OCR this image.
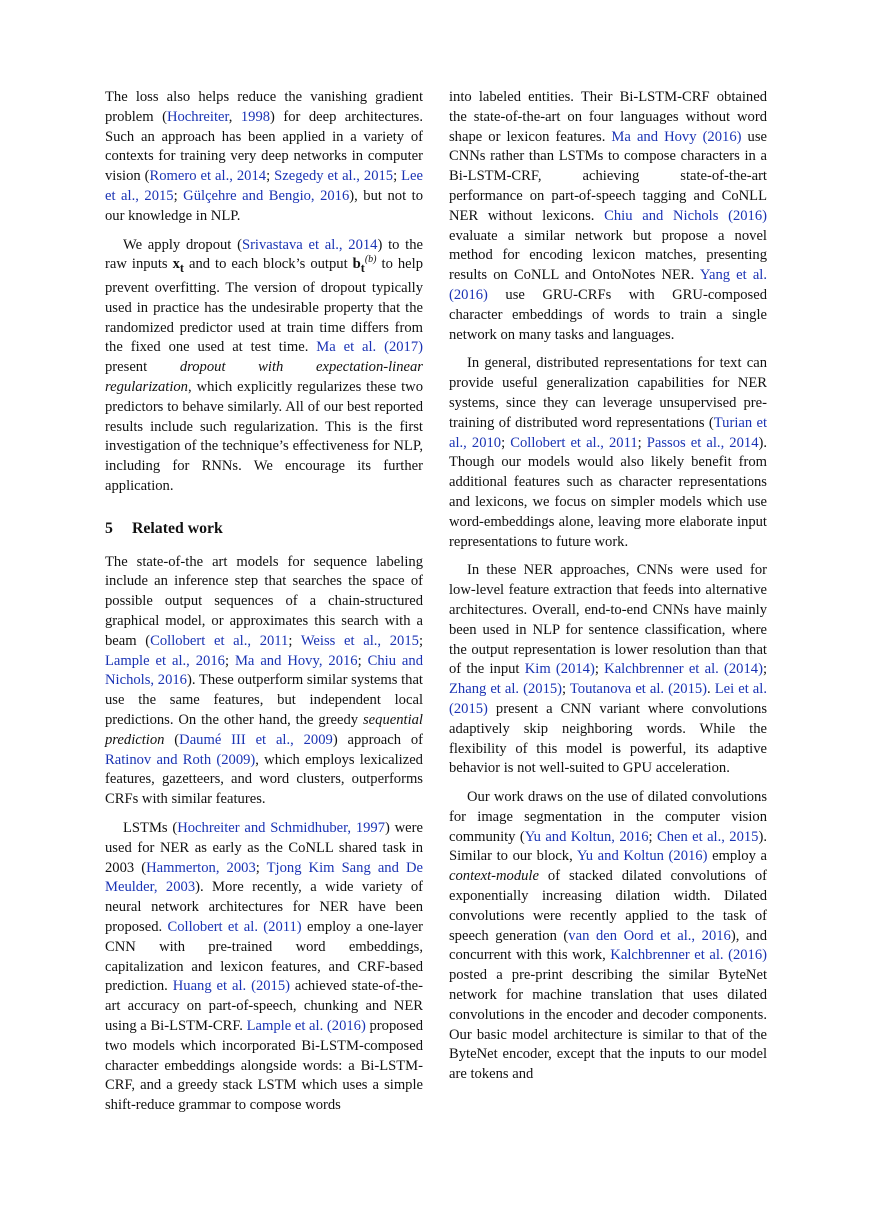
The loss also helps reduce the vanishing gradient problem (Hochreiter, 1998) for deep architectures. Such an approach has been applied in a variety of contexts for training very deep networks in computer vision (Romero et al., 2014; Szegedy et al., 2015; Lee et al., 2015; Gülçehre and Bengio, 2016), but not to our knowledge in NLP.

We apply dropout (Srivastava et al., 2014) to the raw inputs $x_t$ and to each block’s output $b_t^{(b)}$ to help prevent overfitting. The version of dropout typically used in practice has the undesirable property that the randomized predictor used at train time differs from the fixed one used at test time. Ma et al. (2017) present dropout with expectation-linear regularization, which explicitly regularizes these two predictors to behave similarly. All of our best reported results include such regularization. This is the first investigation of the technique’s effectiveness for NLP, including for RNNs. We encourage its further application.

5 Related work

The state-of-the art models for sequence labeling include an inference step that searches the space of possible output sequences of a chain-structured graphical model, or approximates this search with a beam (Collobert et al., 2011; Weiss et al., 2015; Lample et al., 2016; Ma and Hovy, 2016; Chiu and Nichols, 2016). These outperform similar systems that use the same features, but independent local predictions. On the other hand, the greedy sequential prediction (Daumé III et al., 2009) approach of Ratinov and Roth (2009), which employs lexicalized features, gazetteers, and word clusters, outperforms CRFs with similar features.

LSTMs (Hochreiter and Schmidhuber, 1997) were used for NER as early as the CoNLL shared task in 2003 (Hammerton, 2003; Tjong Kim Sang and De Meulder, 2003). More recently, a wide variety of neural network architectures for NER have been proposed. Collobert et al. (2011) employ a one-layer CNN with pre-trained word embeddings, capitalization and lexicon features, and CRF-based prediction. Huang et al. (2015) achieved state-of-the-art accuracy on part-of-speech, chunking and NER using a Bi-LSTM-CRF. Lample et al. (2016) proposed two models which incorporated Bi-LSTM-composed character embeddings alongside words: a Bi-LSTM-CRF, and a greedy stack LSTM which uses a simple shift-reduce grammar to compose words

into labeled entities. Their Bi-LSTM-CRF obtained the state-of-the-art on four languages without word shape or lexicon features. Ma and Hovy (2016) use CNNs rather than LSTMs to compose characters in a Bi-LSTM-CRF, achieving state-of-the-art performance on part-of-speech tagging and CoNLL NER without lexicons. Chiu and Nichols (2016) evaluate a similar network but propose a novel method for encoding lexicon matches, presenting results on CoNLL and OntoNotes NER. Yang et al. (2016) use GRU-CRFs with GRU-composed character embeddings of words to train a single network on many tasks and languages.

In general, distributed representations for text can provide useful generalization capabilities for NER systems, since they can leverage unsupervised pre-training of distributed word representations (Turian et al., 2010; Collobert et al., 2011; Passos et al., 2014). Though our models would also likely benefit from additional features such as character representations and lexicons, we focus on simpler models which use word-embeddings alone, leaving more elaborate input representations to future work.

In these NER approaches, CNNs were used for low-level feature extraction that feeds into alternative architectures. Overall, end-to-end CNNs have mainly been used in NLP for sentence classification, where the output representation is lower resolution than that of the input Kim (2014); Kalchbrenner et al. (2014); Zhang et al. (2015); Toutanova et al. (2015). Lei et al. (2015) present a CNN variant where convolutions adaptively skip neighboring words. While the flexibility of this model is powerful, its adaptive behavior is not well-suited to GPU acceleration.

Our work draws on the use of dilated convolutions for image segmentation in the computer vision community (Yu and Koltun, 2016; Chen et al., 2015). Similar to our block, Yu and Koltun (2016) employ a context-module of stacked dilated convolutions of exponentially increasing dilation width. Dilated convolutions were recently applied to the task of speech generation (van den Oord et al., 2016), and concurrent with this work, Kalchbrenner et al. (2016) posted a pre-print describing the similar ByteNet network for machine translation that uses dilated convolutions in the encoder and decoder components. Our basic model architecture is similar to that of the ByteNet encoder, except that the inputs to our model are tokens and
